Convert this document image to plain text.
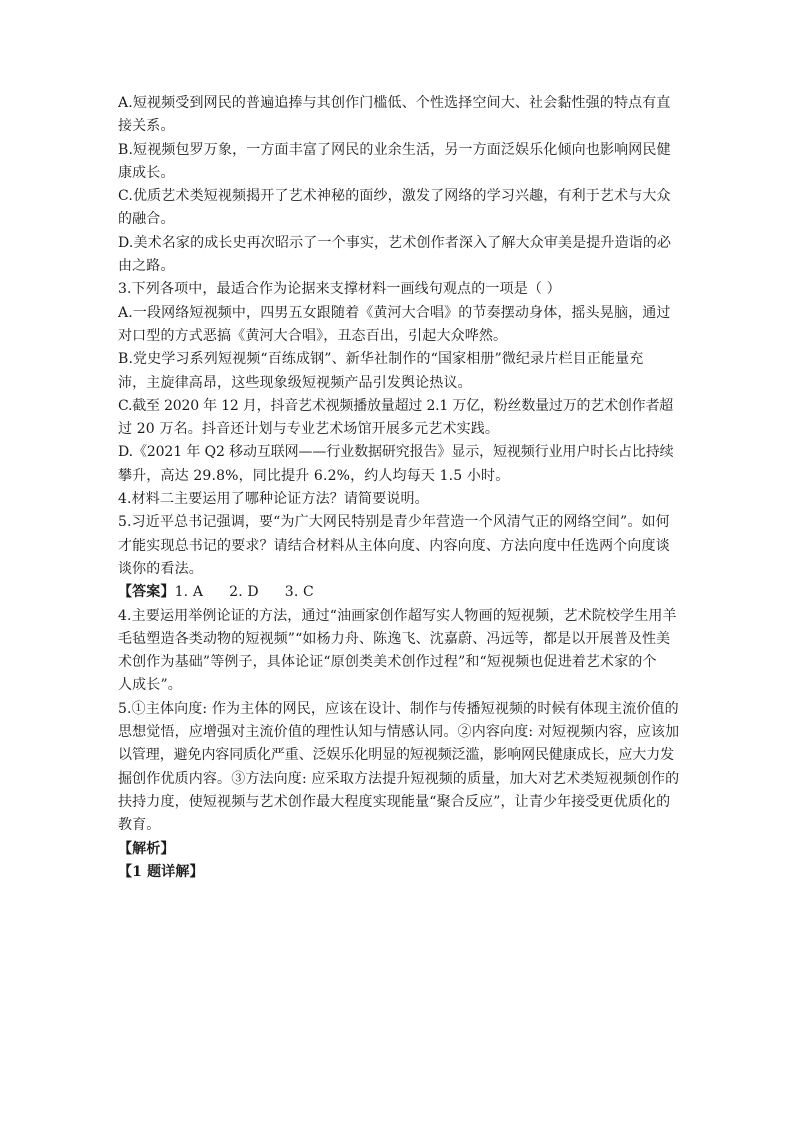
A.短视频受到网民的普遍追捧与其创作门槛低、个性选择空间大、社会黏性强的特点有直
接关系。
B.短视频包罗万象，一方面丰富了网民的业余生活，另一方面泛娱乐化倾向也影响网民健
康成长。
C.优质艺术类短视频揭开了艺术神秘的面纱，激发了网络的学习兴趣，有利于艺术与大众
的融合。
D.美术名家的成长史再次昭示了一个事实，艺术创作者深入了解大众审美是提升造诣的必
由之路。
3.下列各项中，最适合作为论据来支撑材料一画线句观点的一项是（ ）
A.一段网络短视频中，四男五女跟随着《黄河大合唱》的节奏摆动身体，摇头晃脑，通过
对口型的方式恶搞《黄河大合唱》，丑态百出，引起大众哗然。
B.党史学习系列短视频“百练成钢”、新华社制作的“国家相册”微纪录片栏目正能量充
沛，主旋律高昂，这些现象级短视频产品引发舆论热议。
C.截至 2020 年 12 月，抖音艺术视频播放量超过 2.1 万亿，粉丝数量过万的艺术创作者超
过 20 万名。抖音还计划与专业艺术场馆开展多元艺术实践。
D.《2021 年 Q2 移动互联网——行业数据研究报告》显示，短视频行业用户时长占比持续
攀升，高达 29.8%，同比提升 6.2%，约人均每天 1.5 小时。
4.材料二主要运用了哪种论证方法？请简要说明。
5.习近平总书记强调，要“为广大网民特别是青少年营造一个风清气正的网络空间”。如何
才能实现总书记的要求？请结合材料从主体向度、内容向度、方法向度中任选两个向度谈
谈你的看法。
【答案】1. A 2. D 3. C
4.主要运用举例论证的方法，通过“油画家创作超写实人物画的短视频，艺术院校学生用羊
毛毡塑造各类动物的短视频”“如杨力舟、陈逸飞、沈嘉蔚、冯远等，都是以开展普及性美
术创作为基础”等例子，具体论证“原创类美术创作过程”和“短视频也促进着艺术家的个
人成长”。
5.①主体向度: 作为主体的网民，应该在设计、制作与传播短视频的时候有体现主流价值的
思想觉悟，应增强对主流价值的理性认知与情感认同。②内容向度: 对短视频内容，应该加
以管理，避免内容同质化严重、泛娱乐化明显的短视频泛滥，影响网民健康成长，应大力发
掘创作优质内容。③方法向度: 应采取方法提升短视频的质量，加大对艺术类短视频创作的
扶持力度，使短视频与艺术创作最大程度实现能量“聚合反应”，让青少年接受更优质化的
教育。
【解析】
【1 题详解】
